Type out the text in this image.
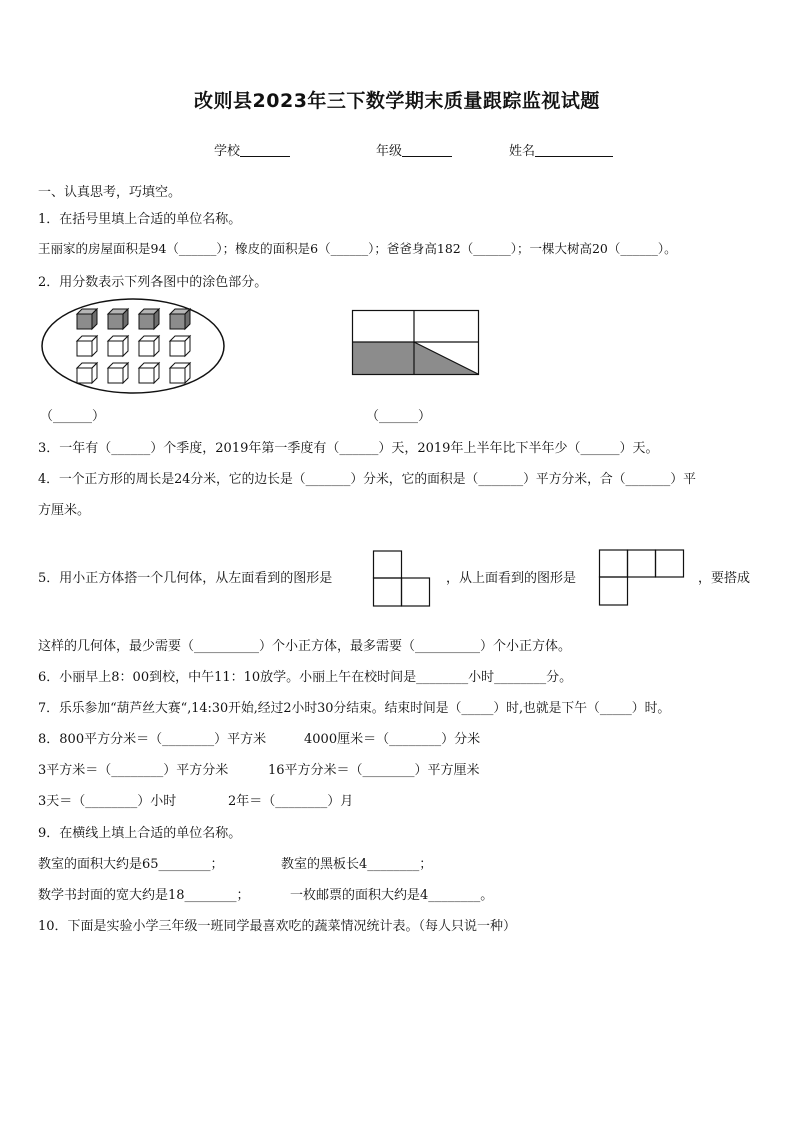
改则县2023年三下数学期末质量跟踪监视试题
学校	年级	姓名
一、认真思考，巧填空。
1．在括号里填上合适的单位名称。
王丽家的房屋面积是94（______）；橡皮的面积是6（______）；爸爸身高182（______）；一棵大树高20（______）。
2．用分数表示下列各图中的涂色部分。
（______）	（______）
3．一年有（______）个季度，2019年第一季度有（______）天，2019年上半年比下半年少（______）天。
4．一个正方形的周长是24分米，它的边长是（_______）分米，它的面积是（_______）平方分米，合（_______）平
方厘米。
5．用小正方体搭一个几何体，从左面看到的图形是	，从上面看到的图形是	，要搭成
这样的几何体，最少需要（__________）个小正方体，最多需要（__________）个小正方体。
6．小丽早上8：00到校，中午11：10放学。小丽上午在校时间是________小时________分。
7．乐乐参加“葫芦丝大赛“,14:30开始,经过2小时30分结束。结束时间是（_____）时,也就是下午（_____）时。
8．800平方分米＝（________）平方米	4000厘米＝（________）分米
3平方米＝（________）平方分米	16平方分米＝（________）平方厘米
3天＝（________）小时	2年＝（________）月
9．在横线上填上合适的单位名称。
教室的面积大约是65________；	教室的黑板长4________；
数学书封面的宽大约是18________；	一枚邮票的面积大约是4________。
10．下面是实验小学三年级一班同学最喜欢吃的蔬菜情况统计表。（每人只说一种）
